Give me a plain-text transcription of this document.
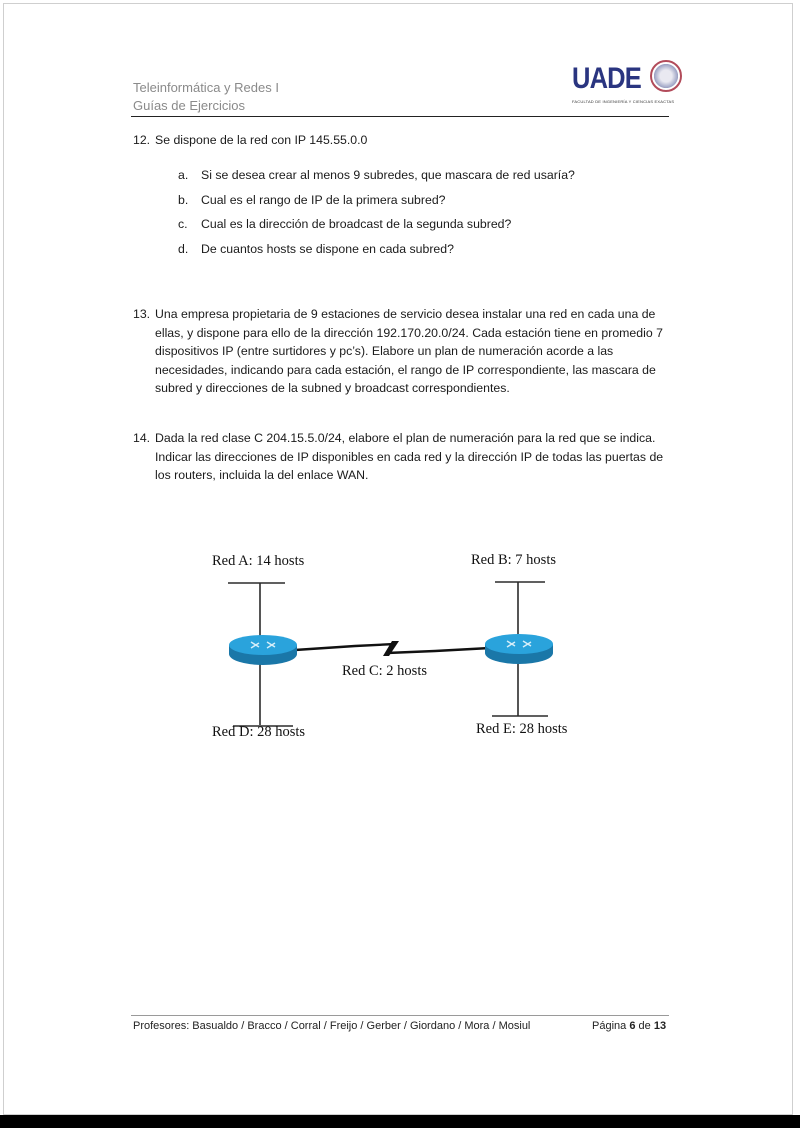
Teleinformática y Redes I
Guías de Ejercicios
UADE
FACULTAD DE INGENIERÍA Y CIENCIAS EXACTAS
12. Se dispone de la red con IP 145.55.0.0
a. Si se desea crear al menos 9 subredes, que mascara de red usaría?
b. Cual es el rango de IP de la primera subred?
c. Cual es la dirección de broadcast de la segunda subred?
d. De cuantos hosts se dispone en cada subred?
13. Una empresa propietaria de 9 estaciones de servicio desea instalar una red en cada una de ellas, y dispone para ello de la dirección 192.170.20.0/24. Cada estación tiene en promedio 7 dispositivos IP (entre surtidores y pc’s). Elabore un plan de numeración acorde a las necesidades, indicando para cada estación, el rango de IP correspondiente, las mascara de subred y direcciones de la subned y broadcast correspondientes.
14. Dada la red clase C 204.15.5.0/24, elabore el plan de numeración para la red que se indica. Indicar las direcciones de IP disponibles en cada red y la dirección IP de todas las puertas de los routers, incluida la del enlace WAN.
Red A: 14 hosts	Red B: 7 hosts
Red C: 2 hosts
Red D: 28 hosts	Red E: 28 hosts
Profesores: Basualdo / Bracco / Corral / Freijo / Gerber / Giordano / Mora / Mosiul	Página 6 de 13
